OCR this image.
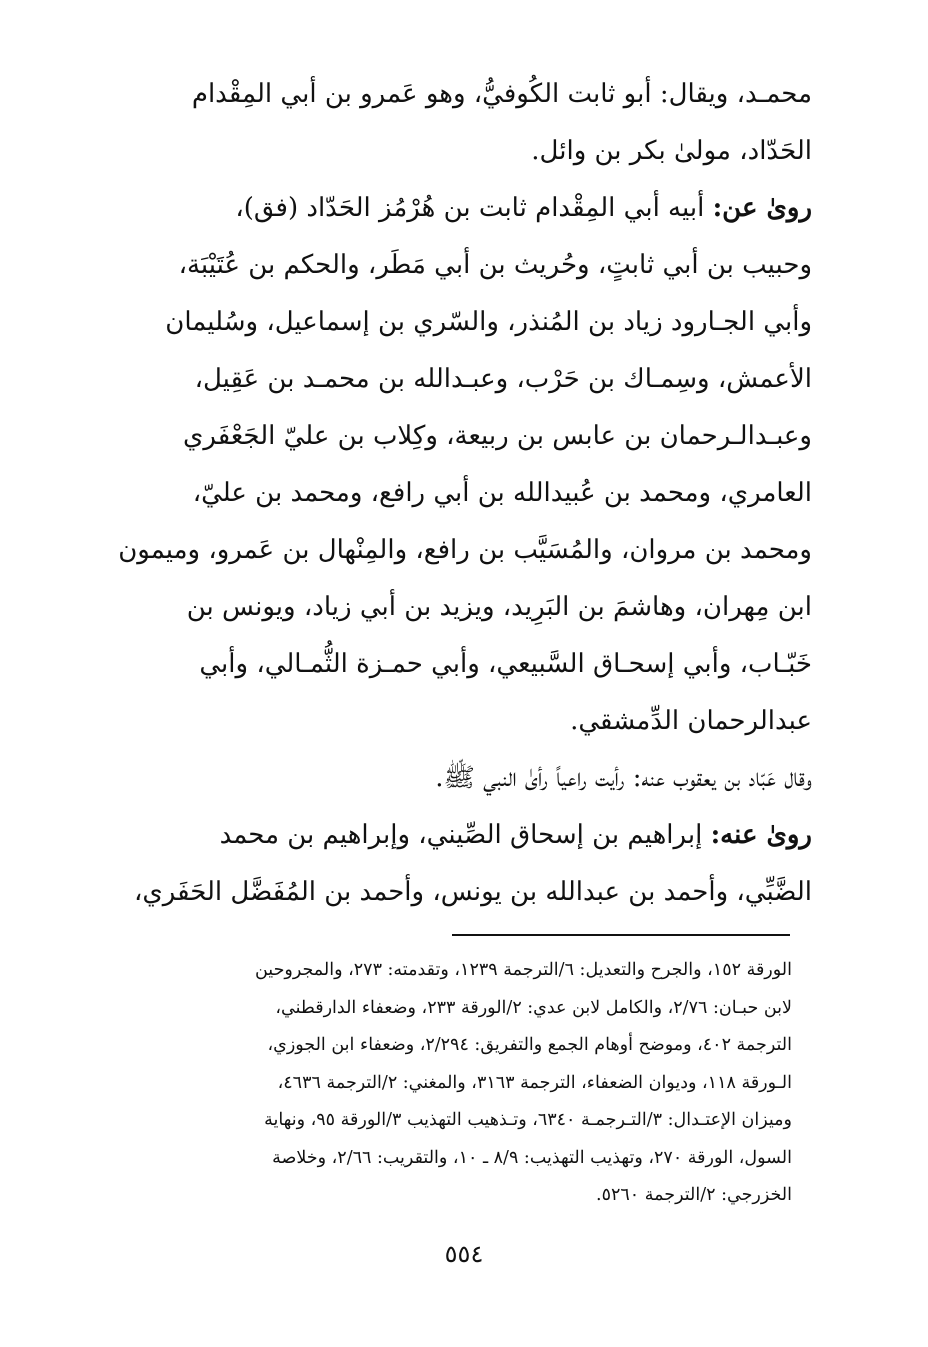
محمـد، ويقال: أبو ثابت الكُوفيُّ، وهو عَمرو بن أبي المِقْدام
الحَدّاد، مولىٰ بكر بن وائل.
روىٰ عن: أبيه أبي المِقْدام ثابت بن هُرْمُز الحَدّاد (فق)،
وحبيب بن أبي ثابتٍ، وحُريث بن أبي مَطَر، والحكم بن عُتَيْبَة،
وأبي الجـارود زياد بن المُنذر، والسّري بن إسماعيل، وسُليمان
الأعمش، وسِمـاك بن حَرْب، وعبـدالله بن محمـد بن عَقِيل،
وعبـدالـرحمان بن عابس بن ربيعة، وكِلاب بن عليّ الجَعْفَري
العامري، ومحمد بن عُبيدالله بن أبي رافع، ومحمد بن عليّ،
ومحمد بن مروان، والمُسَيَّب بن رافع، والمِنْهال بن عَمرو، وميمون
ابن مِهران، وهاشمَ بن البَرِيد، ويزيد بن أبي زياد، ويونس بن
خَبّـاب، وأبي إسحـاق السَّبيعي، وأبي حمـزة الثُّمـالي، وأبي
عبدالرحمان الدِّمشقي.
وقال عَبّاد بن يعقوب عنه: رأيت راعياً رأىٰ النبي ﷺ.
روىٰ عنه: إبراهيم بن إسحاق الصِّيني، وإبراهيم بن محمد
الضَّبِّي، وأحمد بن عبدالله بن يونس، وأحمد بن المُفَضَّل الحَفَري،
الورقة ١٥٢، والجرح والتعديل: ٦/الترجمة ١٢٣٩، وتقدمته: ٢٧٣، والمجروحين
لابن حبـان: ٢/٧٦، والكامل لابن عدي: ٢/الورقة ٢٣٣، وضعفاء الدارقطني،
الترجمة ٤٠٢، وموضح أوهام الجمع والتفريق: ٢/٢٩٤، وضعفاء ابن الجوزي،
الـورقة ١١٨، وديوان الضعفاء، الترجمة ٣١٦٣، والمغني: ٢/الترجمة ٤٦٣٦،
وميزان الإعتـدال: ٣/التـرجمـة ٦٣٤٠، وتـذهيب التهذيب ٣/الورقة ٩٥، ونهاية
السول، الورقة ٢٧٠، وتهذيب التهذيب: ٨/٩ ـ ١٠، والتقريب: ٢/٦٦، وخلاصة
الخزرجي: ٢/الترجمة ٥٢٦٠.
٥٥٤
